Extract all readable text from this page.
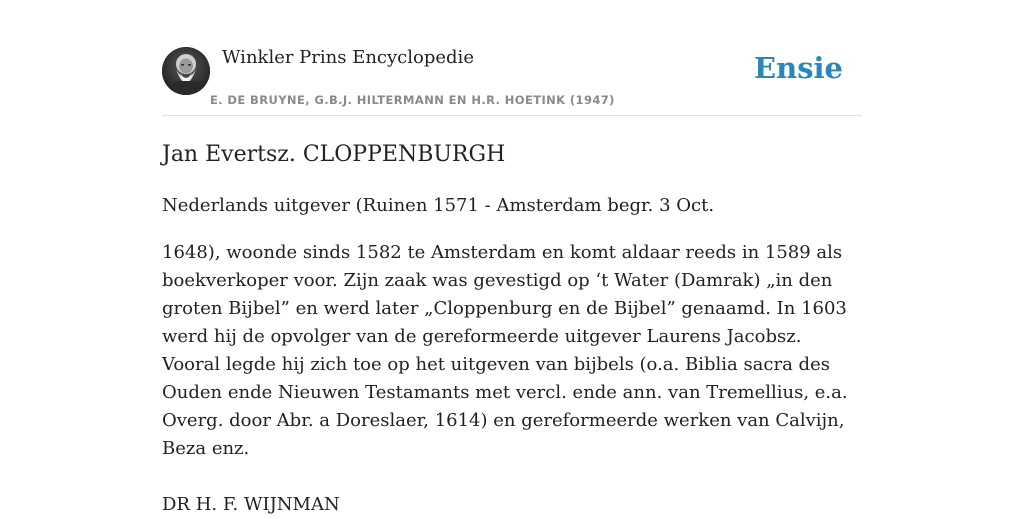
Winkler Prins Encyclopedie
E. DE BRUYNE, G.B.J. HILTERMANN EN H.R. HOETINK (1947)
Ensie
Jan Evertsz. CLOPPENBURGH

Nederlands uitgever (Ruinen 1571 - Amsterdam begr. 3 Oct.

1648), woonde sinds 1582 te Amsterdam en komt aldaar reeds in 1589 als boekverkoper voor. Zijn zaak was gevestigd op ‘t Water (Damrak) „in den groten Bijbel” en werd later „Cloppenburg en de Bijbel” genaamd. In 1603 werd hij de opvolger van de gereformeerde uitgever Laurens Jacobsz. Vooral legde hij zich toe op het uitgeven van bijbels (o.a. Biblia sacra des Ouden ende Nieuwen Testamants met vercl. ende ann. van Tremellius, e.a. Overg. door Abr. a Doreslaer, 1614) en gereformeerde werken van Calvijn, Beza enz.

DR H. F. WIJNMAN
